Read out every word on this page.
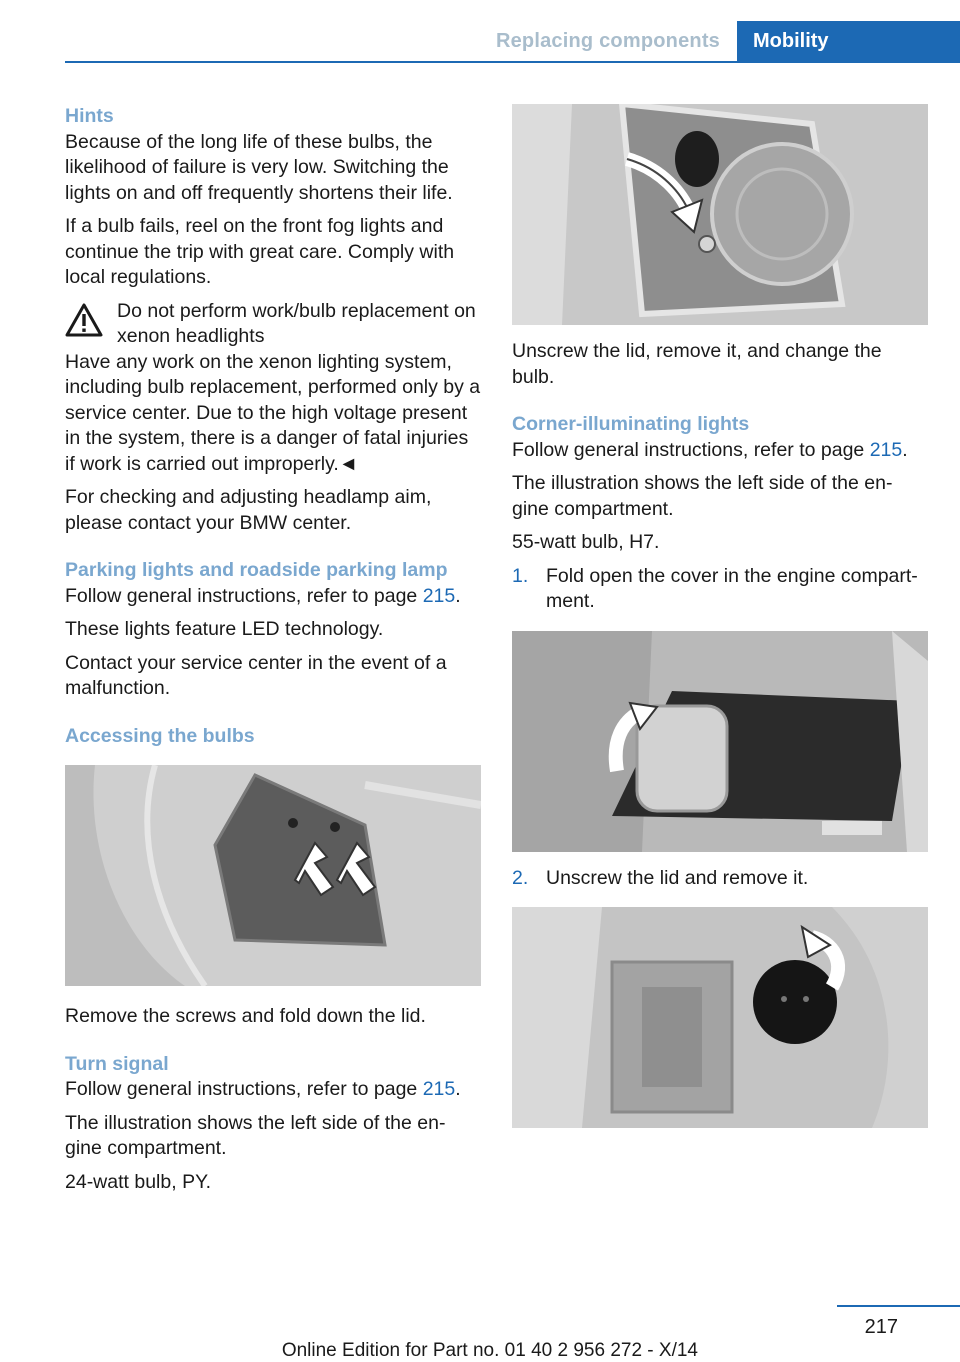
Replacing components	Mobility
Hints

Because of the long life of these bulbs, the likelihood of failure is very low. Switching the lights on and off frequently shortens their life.

If a bulb fails, reel on the front fog lights and continue the trip with great care. Comply with local regulations.

Do not perform work/bulb replacement on xenon headlights

Have any work on the xenon lighting system, including bulb replacement, performed only by a service center. Due to the high voltage present in the system, there is a danger of fatal injuries if work is carried out improperly.◄

For checking and adjusting headlamp aim, please contact your BMW center.

Parking lights and roadside parking lamp

Follow general instructions, refer to page 215.

These lights feature LED technology.

Contact your service center in the event of a malfunction.

Accessing the bulbs

Remove the screws and fold down the lid.

Turn signal

Follow general instructions, refer to page 215.

The illustration shows the left side of the en‐gine compartment.

24-watt bulb, PY.

Unscrew the lid, remove it, and change the bulb.

Corner-illuminating lights

Follow general instructions, refer to page 215.

The illustration shows the left side of the en‐gine compartment.

55-watt bulb, H7.

1. Fold open the cover in the engine compart‐ment.
2. Unscrew the lid and remove it.
217
Online Edition for Part no. 01 40 2 956 272 - X/14
